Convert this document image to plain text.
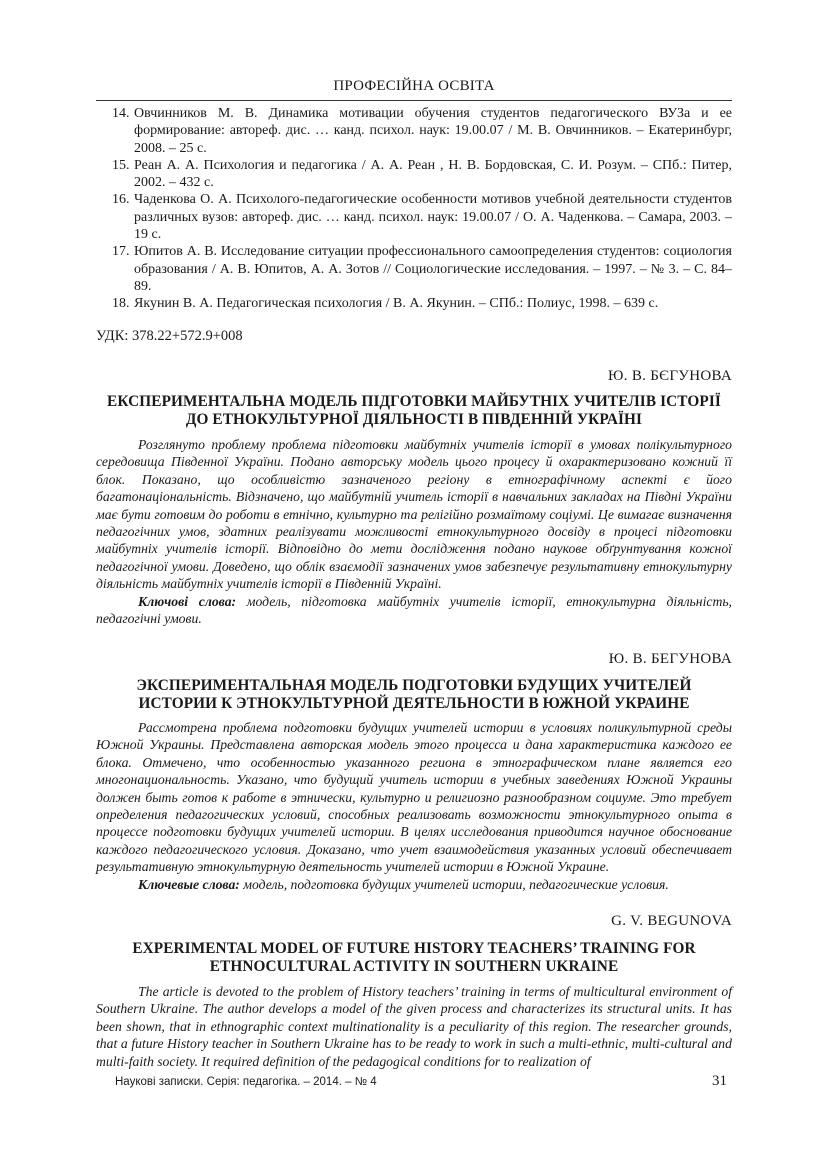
ПРОФЕСІЙНА ОСВІТА
14. Овчинников М. В. Динамика мотивации обучения студентов педагогического ВУЗа и ее формирование: автореф. дис. … канд. психол. наук: 19.00.07 / М. В. Овчинников. – Екатеринбург, 2008. – 25 с.
15. Реан А. А. Психология и педагогика / А. А. Реан , Н. В. Бордовская, С. И. Розум. – СПб.: Питер, 2002. – 432 с.
16. Чаденкова О. А. Психолого-педагогические особенности мотивов учебной деятельности студентов различных вузов: автореф. дис. … канд. психол. наук: 19.00.07 / О. А. Чаденкова. – Самара, 2003. – 19 с.
17. Юпитов А. В. Исследование ситуации профессионального самоопределения студентов: социология образования / А. В. Юпитов, А. А. Зотов // Социологические исследования. – 1997. – № 3. – С. 84–89.
18. Якунин В. А. Педагогическая психология / В. А. Якунин. – СПб.: Полиус, 1998. – 639 с.
УДК: 378.22+572.9+008
Ю. В. БЄГУНОВА
ЕКСПЕРИМЕНТАЛЬНА МОДЕЛЬ ПІДГОТОВКИ МАЙБУТНІХ УЧИТЕЛІВ ІСТОРІЇ ДО ЕТНОКУЛЬТУРНОЇ ДІЯЛЬНОСТІ В ПІВДЕННІЙ УКРАЇНІ

Розглянуто проблему проблема підготовки майбутніх учителів історії в умовах полікультурного середовища Південної України. Подано авторську модель цього процесу й охарактеризовано кожний її блок. Показано, що особливістю зазначеного регіону в етнографічному аспекті є його багатонаціональність. Відзначено, що майбутній учитель історії в навчальних закладах на Півдні України має бути готовим до роботи в етнічно, культурно та релігійно розмаїтому соціумі. Це вимагає визначення педагогічних умов, здатних реалізувати можливості етнокультурного досвіду в процесі підготовки майбутніх учителів історії. Відповідно до мети дослідження подано наукове обґрунтування кожної педагогічної умови. Доведено, що облік взаємодії зазначених умов забезпечує результативну етнокультурну діяльність майбутніх учителів історії в Південній Україні.

Ключові слова: модель, підготовка майбутніх учителів історії, етнокультурна діяльність, педагогічні умови.

Ю. В. БЕГУНОВА
ЭКСПЕРИМЕНТАЛЬНАЯ МОДЕЛЬ ПОДГОТОВКИ БУДУЩИХ УЧИТЕЛЕЙ ИСТОРИИ К ЭТНОКУЛЬТУРНОЙ ДЕЯТЕЛЬНОСТИ В ЮЖНОЙ УКРАИНЕ

Рассмотрена проблема подготовки будущих учителей истории в условиях поликультурной среды Южной Украины. Представлена авторская модель этого процесса и дана характеристика каждого ее блока. Отмечено, что особенностью указанного региона в этнографическом плане является его многонациональность. Указано, что будущий учитель истории в учебных заведениях Южной Украины должен быть готов к работе в этнически, культурно и религиозно разнообразном социуме. Это требует определения педагогических условий, способных реализовать возможности этнокультурного опыта в процессе подготовки будущих учителей истории. В целях исследования приводится научное обоснование каждого педагогического условия. Доказано, что учет взаимодействия указанных условий обеспечивает результативную этнокультурную деятельность учителей истории в Южной Украине.

Ключевые слова: модель, подготовка будущих учителей истории, педагогические условия.

G. V. BEGUNOVA
EXPERIMENTAL MODEL OF FUTURE HISTORY TEACHERS’ TRAINING FOR ETHNOCULTURAL ACTIVITY IN SOUTHERN UKRAINE

The article is devoted to the problem of History teachers’ training in terms of multicultural environment of Southern Ukraine. The author develops a model of the given process and characterizes its structural units. It has been shown, that in ethnographic context multinationality is a peculiarity of this region. The researcher grounds, that a future History teacher in Southern Ukraine has to be ready to work in such a multi-ethnic, multi-cultural and multi-faith society. It required definition of the pedagogical conditions for to realization of

Наукові записки. Серія: педагогіка. – 2014. – № 4	31
